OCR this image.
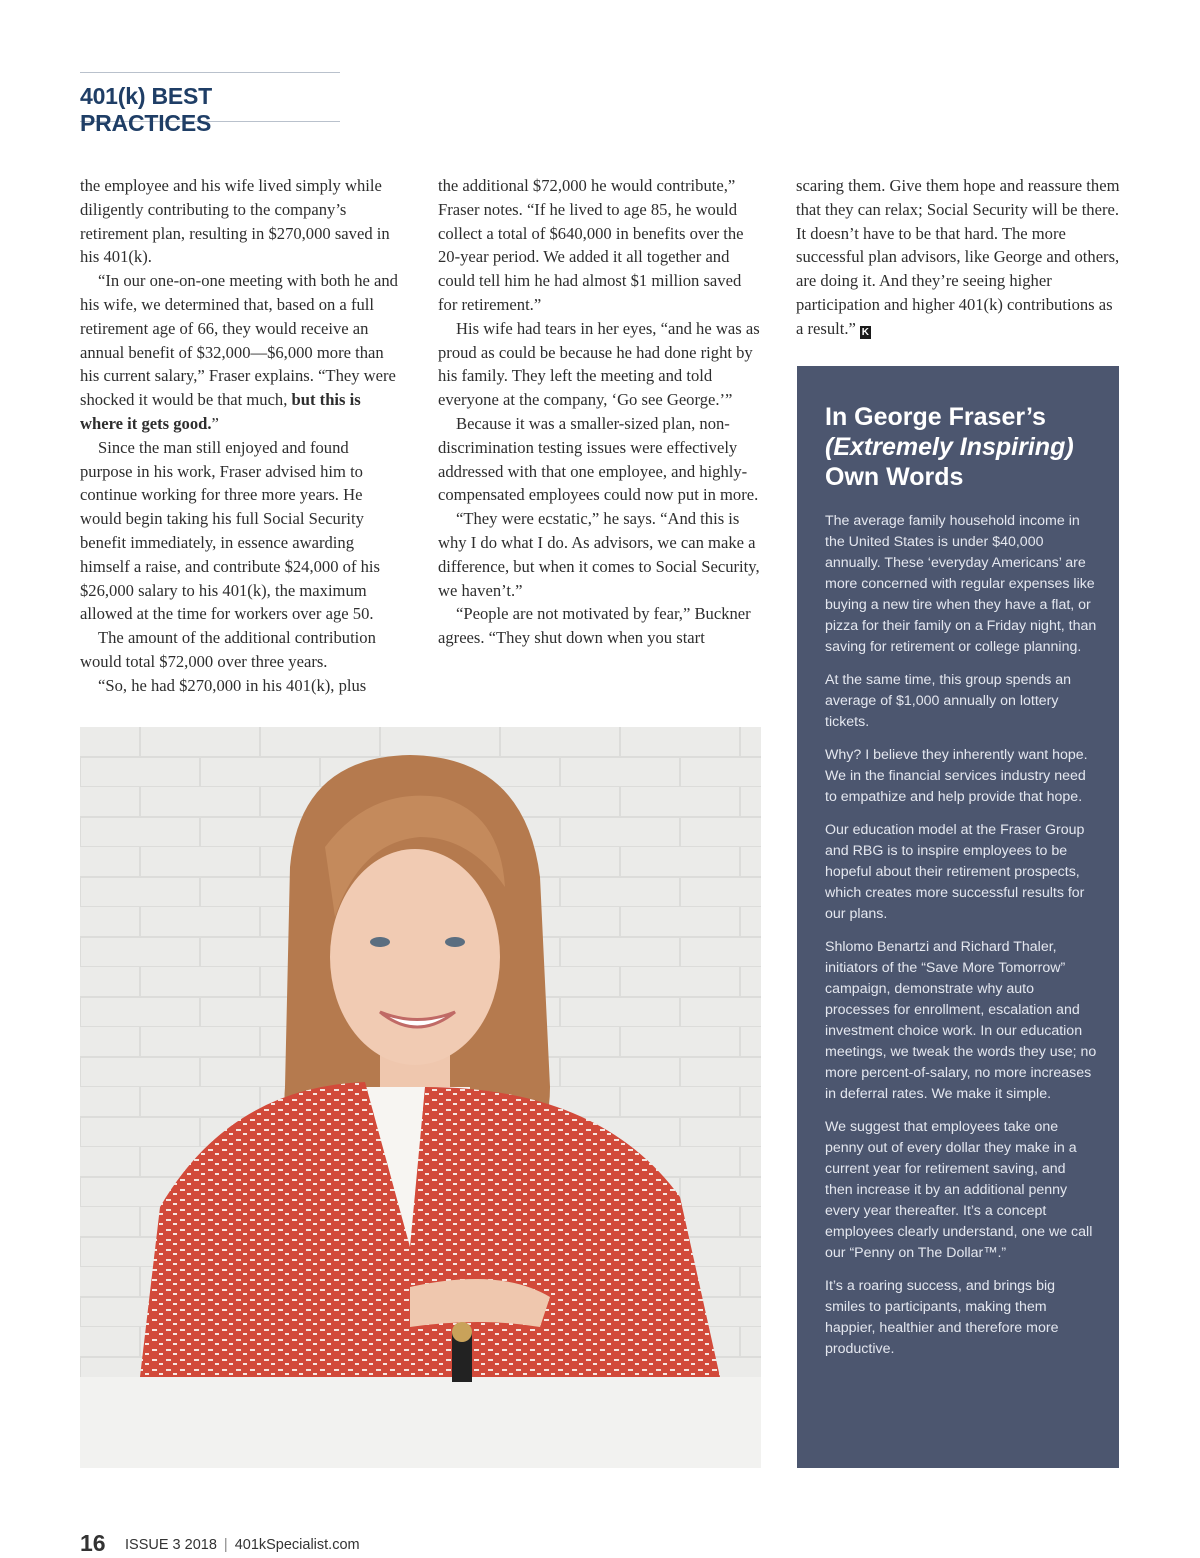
401(k) BEST PRACTICES

the employee and his wife lived simply while diligently contributing to the company’s retirement plan, resulting in $270,000 saved in his 401(k).

“In our one-on-one meeting with both he and his wife, we determined that, based on a full retirement age of 66, they would receive an annual benefit of $32,000—$6,000 more than his current salary,” Fraser explains. “They were shocked it would be that much, but this is where it gets good.”

Since the man still enjoyed and found purpose in his work, Fraser advised him to continue working for three more years. He would begin taking his full Social Security benefit immediately, in essence awarding himself a raise, and contribute $24,000 of his $26,000 salary to his 401(k), the maximum allowed at the time for workers over age 50.

The amount of the additional contribution would total $72,000 over three years.

“So, he had $270,000 in his 401(k), plus

the additional $72,000 he would contribute,” Fraser notes. “If he lived to age 85, he would collect a total of $640,000 in benefits over the 20-year period. We added it all together and could tell him he had almost $1 million saved for retirement.”

His wife had tears in her eyes, “and he was as proud as could be because he had done right by his family. They left the meeting and told everyone at the company, ‘Go see George.’”

Because it was a smaller-sized plan, non-discrimination testing issues were effectively addressed with that one employee, and highly-compensated employees could now put in more.

“They were ecstatic,” he says. “And this is why I do what I do. As advisors, we can make a difference, but when it comes to Social Security, we haven’t.”

“People are not motivated by fear,” Buckner agrees. “They shut down when you start

scaring them. Give them hope and reassure them that they can relax; Social Security will be there. It doesn’t have to be that hard. The more successful plan advisors, like George and others, are doing it. And they’re seeing higher participation and higher 401(k) contributions as a result.” K

In George Fraser’s
(Extremely Inspiring)
Own Words

The average family household income in the United States is under $40,000 annually. These ‘everyday Americans’ are more concerned with regular expenses like buying a new tire when they have a flat, or pizza for their family on a Friday night, than saving for retirement or college planning.

At the same time, this group spends an average of $1,000 annually on lottery tickets.

Why? I believe they inherently want hope. We in the financial services industry need to empathize and help provide that hope.

Our education model at the Fraser Group and RBG is to inspire employees to be hopeful about their retirement prospects, which creates more successful results for our plans.

Shlomo Benartzi and Richard Thaler, initiators of the “Save More Tomorrow” campaign, demonstrate why auto processes for enrollment, escalation and investment choice work. In our education meetings, we tweak the words they use; no more percent-of-salary, no more increases in deferral rates. We make it simple.

We suggest that employees take one penny out of every dollar they make in a current year for retirement saving, and then increase it by an additional penny every year thereafter. It’s a concept employees clearly understand, one we call our “Penny on The Dollar™.”

It’s a roaring success, and brings big smiles to participants, making them happier, healthier and therefore more productive.

16 ISSUE 3 2018 | 401kSpecialist.com
